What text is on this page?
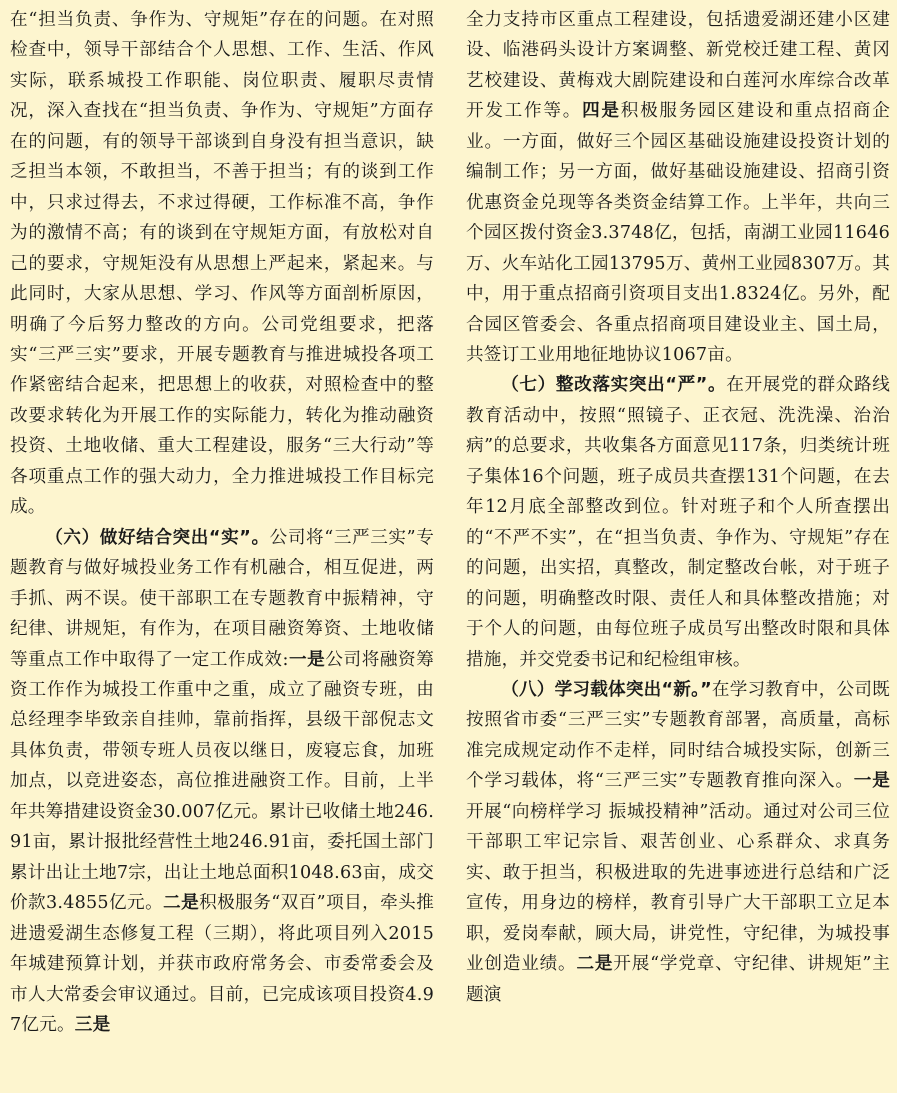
在“担当负责、争作为、守规矩”存在的问题。在对照检查中，领导干部结合个人思想、工作、生活、作风实际，联系城投工作职能、岗位职责、履职尽责情况，深入查找在“担当负责、争作为、守规矩”方面存在的问题，有的领导干部谈到自身没有担当意识，缺乏担当本领，不敢担当，不善于担当；有的谈到工作中，只求过得去，不求过得硬，工作标准不高，争作为的激情不高；有的谈到在守规矩方面，有放松对自己的要求，守规矩没有从思想上严起来，紧起来。与此同时，大家从思想、学习、作风等方面剖析原因，明确了今后努力整改的方向。公司党组要求，把落实“三严三实”要求，开展专题教育与推进城投各项工作紧密结合起来，把思想上的收获，对照检查中的整改要求转化为开展工作的实际能力，转化为推动融资投资、土地收储、重大工程建设，服务“三大行动”等各项重点工作的强大动力，全力推进城投工作目标完成。

（六）做好结合突出“实”。公司将“三严三实”专题教育与做好城投业务工作有机融合，相互促进，两手抓、两不误。使干部职工在专题教育中振精神，守纪律、讲规矩，有作为，在项目融资筹资、土地收储等重点工作中取得了一定工作成效:一是公司将融资筹资工作作为城投工作重中之重，成立了融资专班，由总经理李毕致亲自挂帅，靠前指挥，县级干部倪志文具体负责，带领专班人员夜以继日，废寝忘食，加班加点，以竞进姿态，高位推进融资工作。目前，上半年共筹措建设资金30.007亿元。累计已收储土地246.91亩，累计报批经营性土地246.91亩，委托国土部门累计出让土地7宗，出让土地总面积1048.63亩，成交价款3.4855亿元。二是积极服务“双百”项目，牵头推进遗爱湖生态修复工程（三期），将此项目列入2015年城建预算计划，并获市政府常务会、市委常委会及市人大常委会审议通过。目前，已完成该项目投资4.97亿元。三是

全力支持市区重点工程建设，包括遗爱湖还建小区建设、临港码头设计方案调整、新党校迁建工程、黄冈艺校建设、黄梅戏大剧院建设和白莲河水库综合改革开发工作等。四是积极服务园区建设和重点招商企业。一方面，做好三个园区基础设施建设投资计划的编制工作；另一方面，做好基础设施建设、招商引资优惠资金兑现等各类资金结算工作。上半年，共向三个园区拨付资金3.3748亿，包括，南湖工业园11646万、火车站化工园13795万、黄州工业园8307万。其中，用于重点招商引资项目支出1.8324亿。另外，配合园区管委会、各重点招商项目建设业主、国土局，共签订工业用地征地协议1067亩。

（七）整改落实突出“严”。在开展党的群众路线教育活动中，按照“照镜子、正衣冠、洗洗澡、治治病”的总要求，共收集各方面意见117条，归类统计班子集体16个问题，班子成员共查摆131个问题，在去年12月底全部整改到位。针对班子和个人所查摆出的“不严不实”，在“担当负责、争作为、守规矩”存在的问题，出实招，真整改，制定整改台帐，对于班子的问题，明确整改时限、责任人和具体整改措施；对于个人的问题，由每位班子成员写出整改时限和具体措施，并交党委书记和纪检组审核。

（八）学习载体突出“新。”在学习教育中，公司既按照省市委“三严三实”专题教育部署，高质量，高标准完成规定动作不走样，同时结合城投实际，创新三个学习载体，将“三严三实”专题教育推向深入。一是开展“向榜样学习 振城投精神”活动。通过对公司三位干部职工牢记宗旨、艰苦创业、心系群众、求真务实、敢于担当，积极进取的先进事迹进行总结和广泛宣传，用身边的榜样，教育引导广大干部职工立足本职，爱岗奉献，顾大局，讲党性，守纪律，为城投事业创造业绩。二是开展“学党章、守纪律、讲规矩”主题演
